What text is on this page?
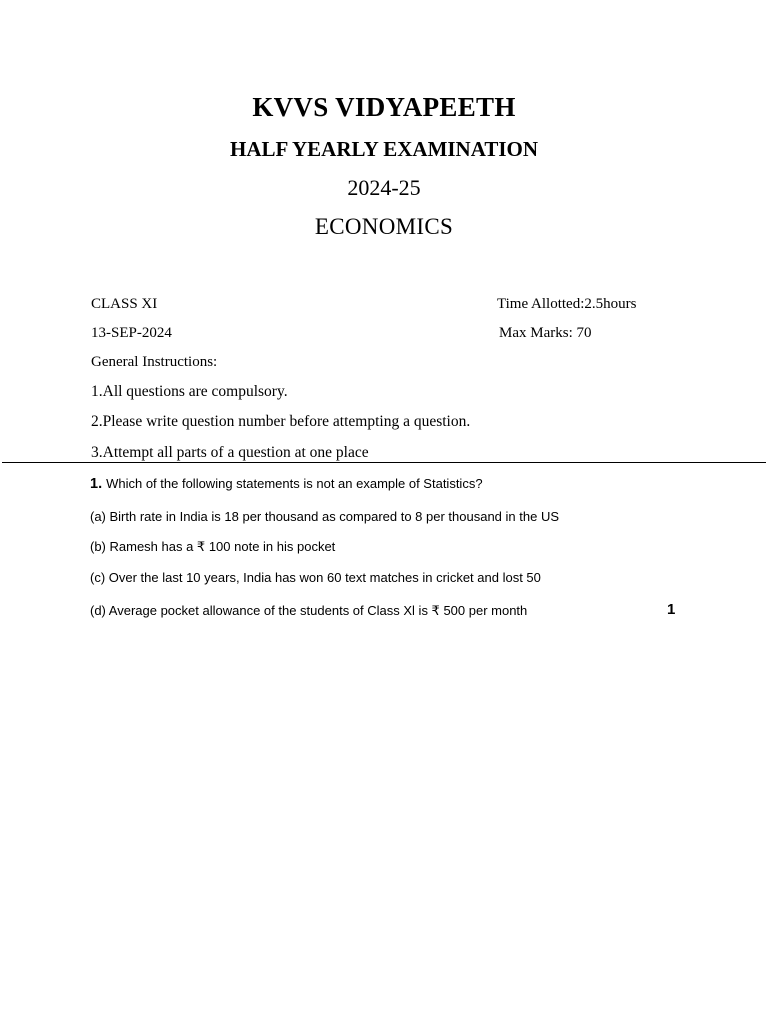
KVVS VIDYAPEETH
HALF YEARLY EXAMINATION
2024-25
ECONOMICS
CLASS XI	Time Allotted:2.5hours
13-SEP-2024	Max Marks: 70
General Instructions:
1.All questions are compulsory.
2.Please write question number before attempting a question.
3.Attempt all parts of a question at one place
1. Which of the following statements is not an example of Statistics?
(a) Birth rate in India is 18 per thousand as compared to 8 per thousand in the US
(b) Ramesh has a ₹ 100 note in his pocket
(c) Over the last 10 years, India has won 60 text matches in cricket and lost 50
(d) Average pocket allowance of the students of Class Xl is ₹ 500 per month	1
